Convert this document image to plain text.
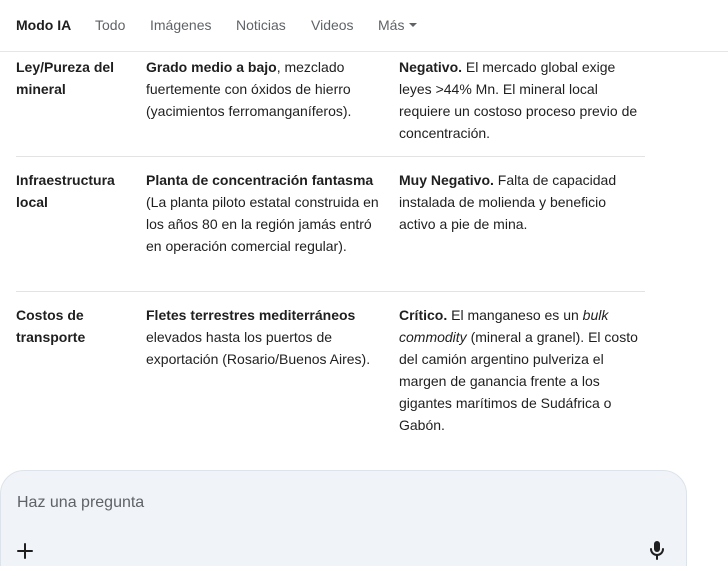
Ley/Pureza del mineral
Grado medio a bajo, mezclado fuertemente con óxidos de hierro (yacimientos ferromanganíferos).
Negativo. El mercado global exige leyes >44% Mn. El mineral local requiere un costoso proceso previo de concentración.
Infraestructura local
Planta de concentración fantasma (La planta piloto estatal construida en los años 80 en la región jamás entró en operación comercial regular).
Muy Negativo. Falta de capacidad instalada de molienda y beneficio activo a pie de mina.
Costos de transporte
Fletes terrestres mediterráneos elevados hasta los puertos de exportación (Rosario/Buenos Aires).
Crítico. El manganeso es un bulk commodity (mineral a granel). El costo del camión argentino pulveriza el margen de ganancia frente a los gigantes marítimos de Sudáfrica o Gabón.
Modo IA Todo Imágenes Noticias Videos Más
Haz una pregunta
